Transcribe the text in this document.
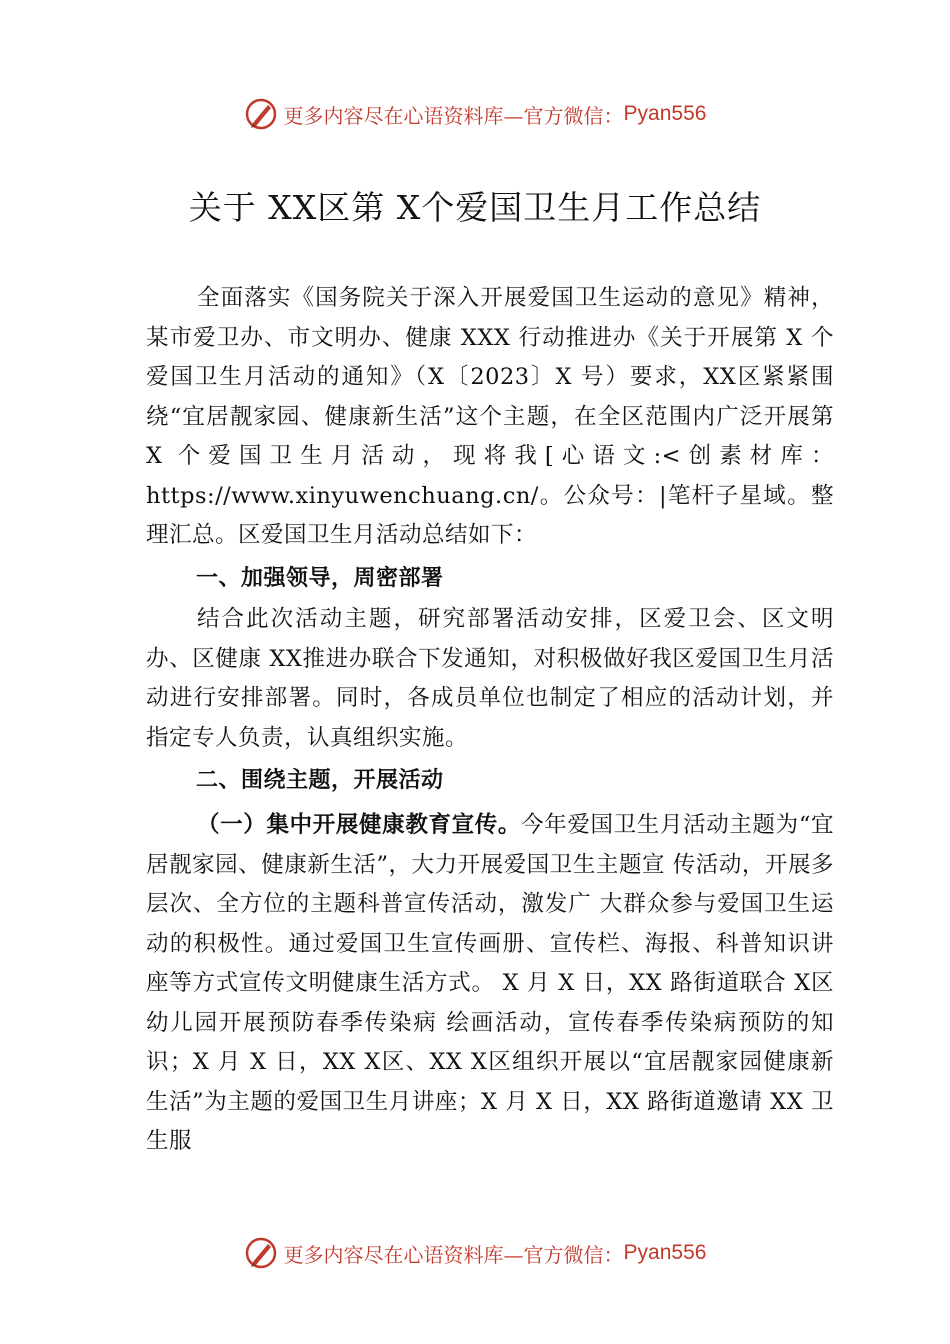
更多内容尽在心语资料库—官方微信： Pyan556
关于 XX区第 X个爱国卫生月工作总结
全面落实《国务院关于深入开展爱国卫生运动的意见》精神，某市爱卫办、市文明办、健康 XXX 行动推进办《关于开展第 X 个爱国卫生月活动的通知》（X〔2023〕X 号）要求，XX区紧紧围绕“宜居靓家园、健康新生活”这个主题，在全区范围内广泛开展第 X 个爱国卫生月活动，现将我[心语文:<创素材库：https://www.xinyuwenchuang.cn/。公众号：|笔杆子星域。整理汇总。区爱国卫生月活动总结如下：
一、加强领导，周密部署
结合此次活动主题，研究部署活动安排，区爱卫会、区文明办、区健康 XX推进办联合下发通知，对积极做好我区爱国卫生月活动进行安排部署。同时，各成员单位也制定了相应的活动计划，并指定专人负责，认真组织实施。
二、围绕主题，开展活动
（一）集中开展健康教育宣传。今年爱国卫生月活动主题为“宜居靓家园、健康新生活”，大力开展爱国卫生主题宣 传活动，开展多层次、全方位的主题科普宣传活动，激发广 大群众参与爱国卫生运动的积极性。通过爱国卫生宣传画册、宣传栏、海报、科普知识讲座等方式宣传文明健康生活方式。 X 月 X 日，XX 路街道联合 X区幼儿园开展预防春季传染病 绘画活动，宣传春季传染病预防的知识；X 月 X 日，XX X区、XX X区组织开展以“宜居靓家园健康新生活”为主题的爱国卫生月讲座；X 月 X 日，XX 路街道邀请 XX 卫生服
更多内容尽在心语资料库—官方微信： Pyan556
